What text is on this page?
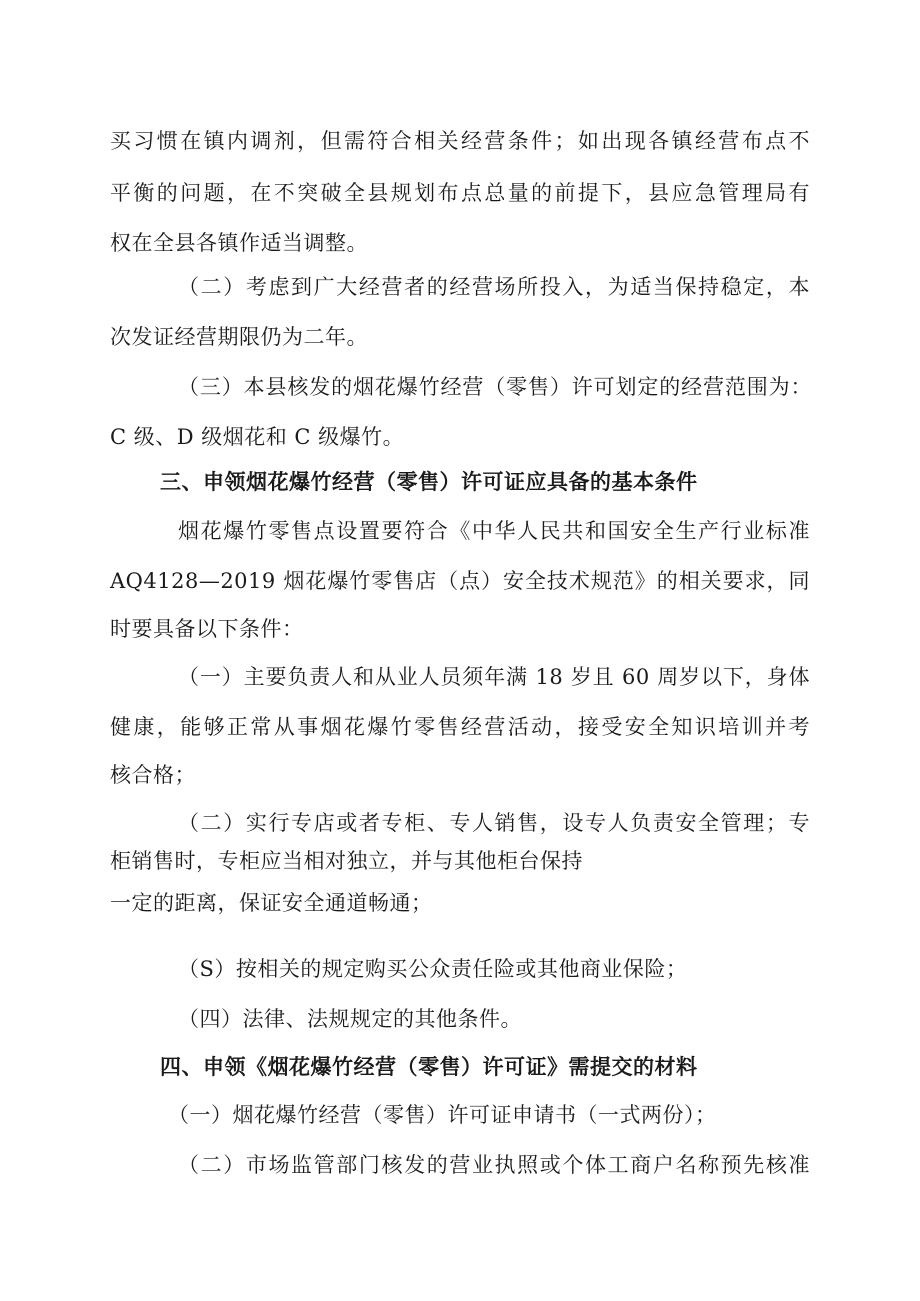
买习惯在镇内调剂，但需符合相关经营条件；如出现各镇经营布点不
平衡的问题，在不突破全县规划布点总量的前提下，县应急管理局有
权在全县各镇作适当调整。
（二）考虑到广大经营者的经营场所投入，为适当保持稳定，本
次发证经营期限仍为二年。
（三）本县核发的烟花爆竹经营（零售）许可划定的经营范围为：
C 级、D 级烟花和 C 级爆竹。
三、申领烟花爆竹经营（零售）许可证应具备的基本条件
烟花爆竹零售点设置要符合《中华人民共和国安全生产行业标准
AQ4128—2019 烟花爆竹零售店（点）安全技术规范》的相关要求，同
时要具备以下条件：
（一）主要负责人和从业人员须年满 18 岁且 60 周岁以下，身体
健康，能够正常从事烟花爆竹零售经营活动，接受安全知识培训并考
核合格；
（二）实行专店或者专柜、专人销售，设专人负责安全管理；专
柜销售时，专柜应当相对独立，并与其他柜台保持
一定的距离，保证安全通道畅通；
（S）按相关的规定购买公众责任险或其他商业保险；
（四）法律、法规规定的其他条件。
四、申领《烟花爆竹经营（零售）许可证》需提交的材料
（一）烟花爆竹经营（零售）许可证申请书（一式两份）；
（二）市场监管部门核发的营业执照或个体工商户名称预先核准
